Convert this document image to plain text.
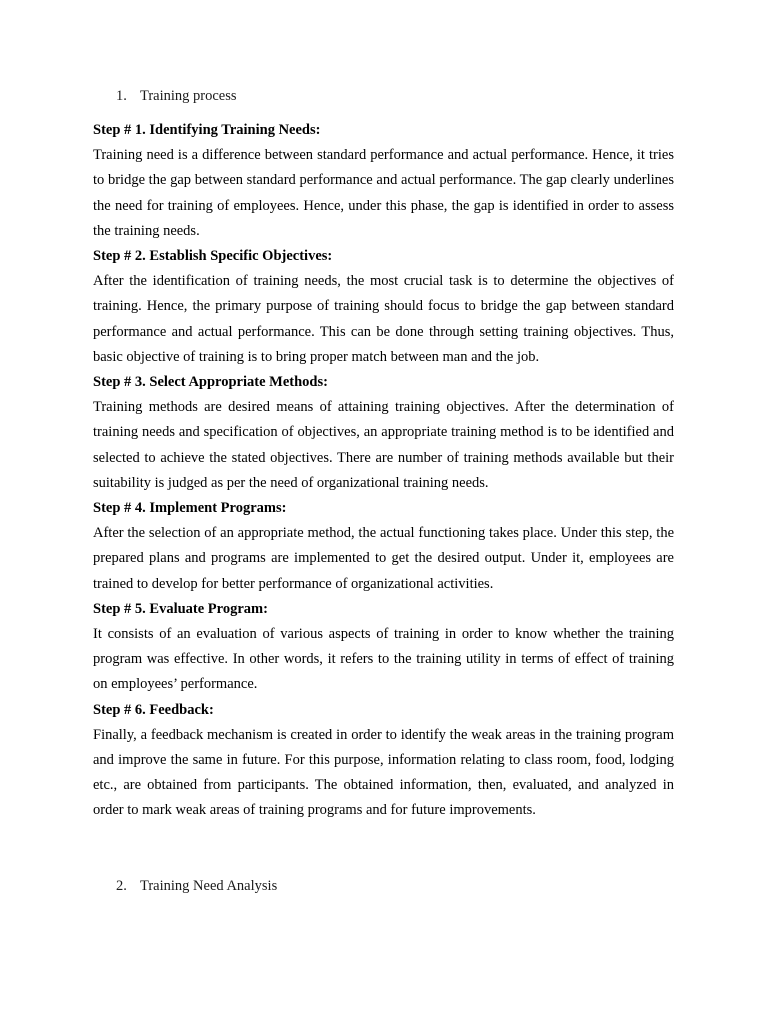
1. Training process

Step # 1. Identifying Training Needs:

Training need is a difference between standard performance and actual performance. Hence, it tries to bridge the gap between standard performance and actual performance. The gap clearly underlines the need for training of employees. Hence, under this phase, the gap is identified in order to assess the training needs.

Step # 2. Establish Specific Objectives:

After the identification of training needs, the most crucial task is to determine the objectives of training. Hence, the primary purpose of training should focus to bridge the gap between standard performance and actual performance. This can be done through setting training objectives. Thus, basic objective of training is to bring proper match between man and the job.

Step # 3. Select Appropriate Methods:

Training methods are desired means of attaining training objectives. After the determination of training needs and specification of objectives, an appropriate training method is to be identified and selected to achieve the stated objectives. There are number of training methods available but their suitability is judged as per the need of organizational training needs.

Step # 4. Implement Programs:

After the selection of an appropriate method, the actual functioning takes place. Under this step, the prepared plans and programs are implemented to get the desired output. Under it, employees are trained to develop for better performance of organizational activities.

Step # 5. Evaluate Program:

It consists of an evaluation of various aspects of training in order to know whether the training program was effective. In other words, it refers to the training utility in terms of effect of training on employees’ performance.

Step # 6. Feedback:

Finally, a feedback mechanism is created in order to identify the weak areas in the training program and improve the same in future. For this purpose, information relating to class room, food, lodging etc., are obtained from participants. The obtained information, then, evaluated, and analyzed in order to mark weak areas of training programs and for future improvements.

2. Training Need Analysis
